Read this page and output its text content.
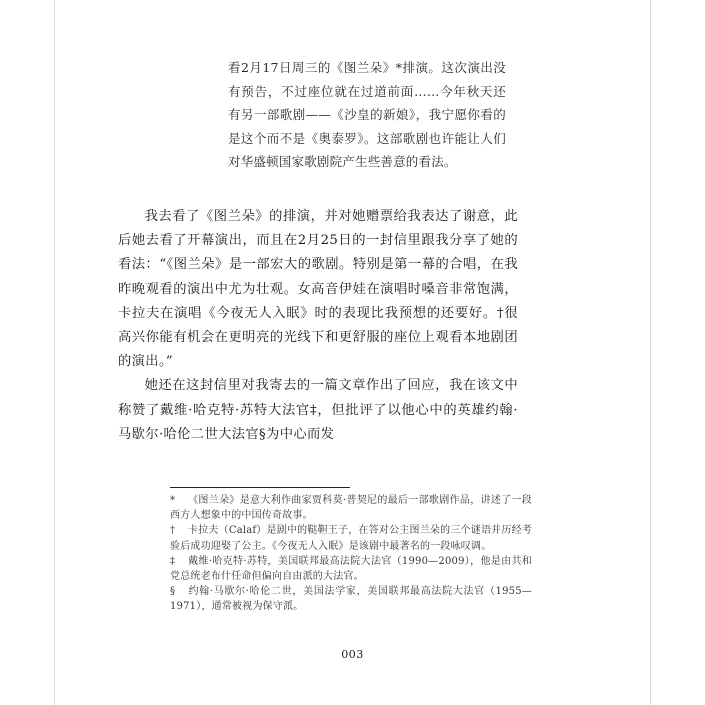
看2月17日周三的《图兰朵》*排演。这次演出没有预告，不过座位就在过道前面……今年秋天还有另一部歌剧——《沙皇的新娘》，我宁愿你看的是这个而不是《奥泰罗》。这部歌剧也许能让人们对华盛顿国家歌剧院产生些善意的看法。

我去看了《图兰朵》的排演，并对她赠票给我表达了谢意，此后她去看了开幕演出，而且在2月25日的一封信里跟我分享了她的看法：“《图兰朵》是一部宏大的歌剧。特别是第一幕的合唱，在我昨晚观看的演出中尤为壮观。女高音伊娃在演唱时嗓音非常饱满，卡拉夫在演唱《今夜无人入眠》时的表现比我预想的还要好。†很高兴你能有机会在更明亮的光线下和更舒服的座位上观看本地剧团的演出。”

她还在这封信里对我寄去的一篇文章作出了回应，我在该文中称赞了戴维·哈克特·苏特大法官‡，但批评了以他心中的英雄约翰·马歇尔·哈伦二世大法官§为中心而发

* 《图兰朵》是意大利作曲家贾科莫·普契尼的最后一部歌剧作品，讲述了一段西方人想象中的中国传奇故事。

† 卡拉夫（Calaf）是剧中的鞑靼王子，在答对公主图兰朵的三个谜语并历经考验后成功迎娶了公主。《今夜无人入眠》是该剧中最著名的一段咏叹调。

‡ 戴维·哈克特·苏特，美国联邦最高法院大法官（1990—2009），他是由共和党总统老布什任命但偏向自由派的大法官。

§ 约翰·马歇尔·哈伦二世，美国法学家，美国联邦最高法院大法官（1955—1971），通常被视为保守派。

003
